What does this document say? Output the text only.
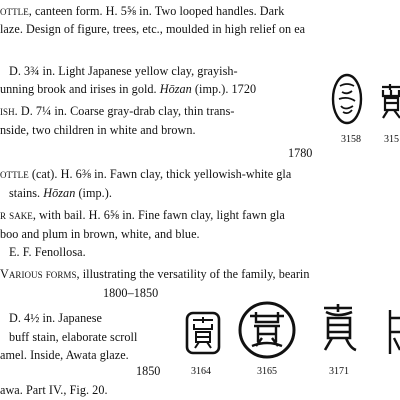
ottle, canteen form. H. 5⅝ in. Two looped handles. Dark
laze. Design of figure, trees, etc., moulded in high relief on ea
D. 3¾ in. Light Japanese yellow clay, grayish-
unning brook and irises in gold. Hōzan (imp.). 1720
ish. D. 7¼ in. Coarse gray-drab clay, thin trans-
nside, two children in white and brown.
1780
ottle (cat). H. 6⅜ in. Fawn clay, thick yellowish-white gla
stains. Hōzan (imp.).
r sake, with bail. H. 6⅝ in. Fine fawn clay, light fawn gla
boo and plum in brown, white, and blue.
E. F. Fenollosa.
Various forms, illustrating the versatility of the family, bearin
1800–1850
D. 4½ in. Japanese
buff stain, elaborate scroll
amel. Inside, Awata glaze.
1850
awa. Part IV., Fig. 20.
3158 315
3164	3165	3171
